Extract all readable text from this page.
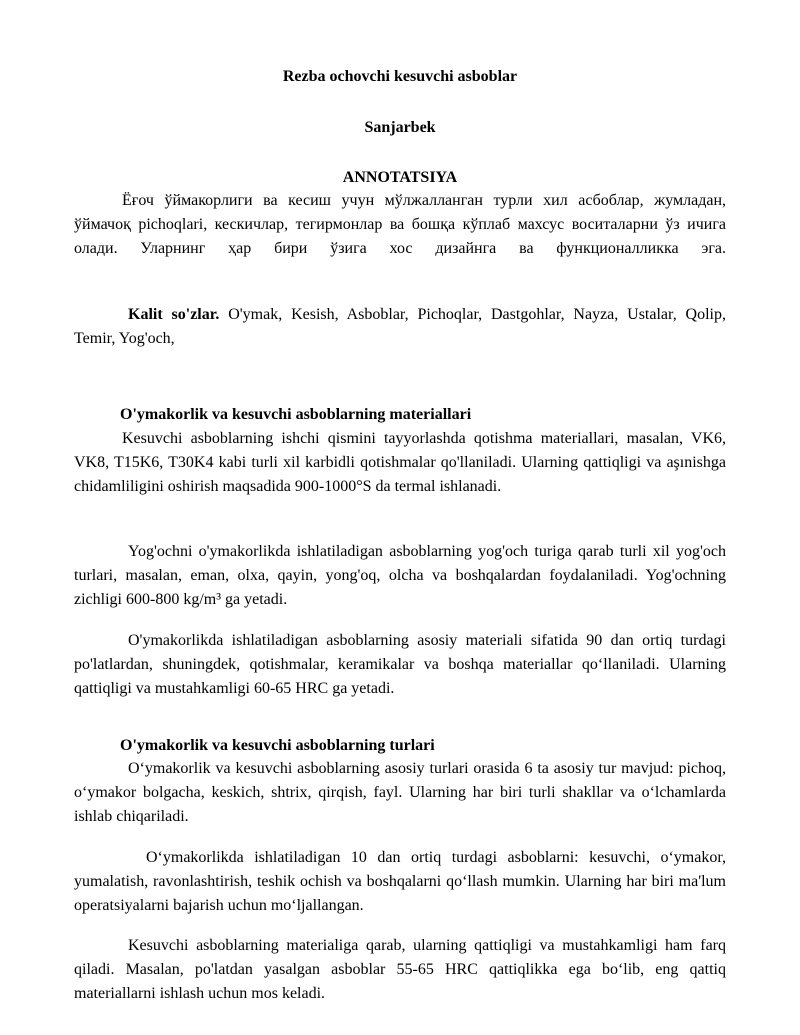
Rezba ochovchi kesuvchi asboblar

Sanjarbek

ANNOTATSIYA

Ёғоч ўймакорлиги ва кесиш учун мўлжалланган турли хил асбоблар, жумладан, ўймачоқ pichoqlari, кескичлар, тегирмонлар ва бошқа кўплаб махсус воситаларни ўз ичига олади. Уларнинг ҳар бири ўзига хос дизайнга ва функционалликка эга.

Kalit so'zlar. O'ymak, Kesish, Asboblar, Pichoqlar, Dastgohlar, Nayza, Ustalar, Qolip, Temir, Yog'och,

O'ymakorlik va kesuvchi asboblarning materiallari

Kesuvchi asboblarning ishchi qismini tayyorlashda qotishma materiallari, masalan, VK6, VK8, T15K6, T30K4 kabi turli xil karbidli qotishmalar qo'llaniladi. Ularning qattiqligi va aşınishga chidamliligini oshirish maqsadida 900-1000°S da termal ishlanadi.

Yog'ochni o'ymakorlikda ishlatiladigan asboblarning yog'och turiga qarab turli xil yog'och turlari, masalan, eman, olxa, qayin, yong'oq, olcha va boshqalardan foydalaniladi. Yog'ochning zichligi 600-800 kg/m³ ga yetadi.

O'ymakorlikda ishlatiladigan asboblarning asosiy materiali sifatida 90 dan ortiq turdagi po'latlardan, shuningdek, qotishmalar, keramikalar va boshqa materiallar qo‘llaniladi. Ularning qattiqligi va mustahkamligi 60-65 HRC ga yetadi.

O'ymakorlik va kesuvchi asboblarning turlari

O‘ymakorlik va kesuvchi asboblarning asosiy turlari orasida 6 ta asosiy tur mavjud: pichoq, o‘ymakor bolgacha, keskich, shtrix, qirqish, fayl. Ularning har biri turli shakllar va o‘lchamlarda ishlab chiqariladi.

O‘ymakorlikda ishlatiladigan 10 dan ortiq turdagi asboblarni: kesuvchi, o‘ymakor, yumalatish, ravonlashtirish, teshik ochish va boshqalarni qo‘llash mumkin. Ularning har biri ma'lum operatsiyalarni bajarish uchun mo‘ljallangan.

Kesuvchi asboblarning materialiga qarab, ularning qattiqligi va mustahkamligi ham farq qiladi. Masalan, po'latdan yasalgan asboblar 55-65 HRC qattiqlikka ega bo‘lib, eng qattiq materiallarni ishlash uchun mos keladi.
